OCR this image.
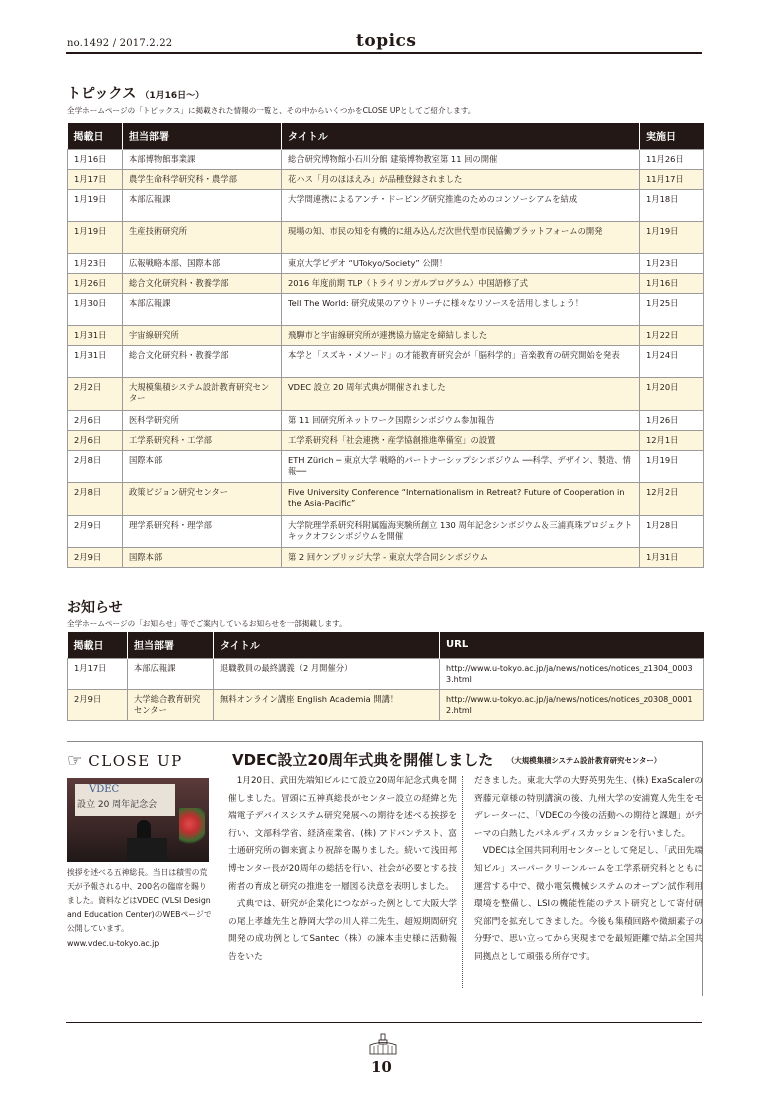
no.1492 / 2017.2.22	topics
トピックス （1月16日〜）
全学ホームページの「トピックス」に掲載された情報の一覧と、その中からいくつかをCLOSE UPとしてご紹介します。
掲載日	担当部署	タイトル	実施日
1月16日	本部博物館事業課	総合研究博物館小石川分館 建築博物教室第 11 回の開催	11月26日
1月17日	農学生命科学研究科・農学部	花ハス「月のほほえみ」が品種登録されました	11月17日
1月19日	本部広報課	大学間連携によるアンチ・ドーピング研究推進のためのコンソーシアムを結成	1月18日
1月19日	生産技術研究所	現場の知、市民の知を有機的に組み込んだ次世代型市民協働プラットフォームの開発	1月19日
1月23日	広報戦略本部、国際本部	東京大学ビデオ “UTokyo/Society” 公開！	1月23日
1月26日	総合文化研究科・教養学部	2016 年度前期 TLP（トライリンガルプログラム）中国語修了式	1月16日
1月30日	本部広報課	Tell The World: 研究成果のアウトリーチに様々なリソースを活用しましょう！	1月25日
1月31日	宇宙線研究所	飛騨市と宇宙線研究所が連携協力協定を締結しました	1月22日
1月31日	総合文化研究科・教養学部	本学と「スズキ・メソード」の才能教育研究会が「脳科学的」音楽教育の研究開始を発表	1月24日
2月2日	大規模集積システム設計教育研究センター	VDEC 設立 20 周年式典が開催されました	1月20日
2月6日	医科学研究所	第 11 回研究所ネットワーク国際シンポジウム参加報告	1月26日
2月6日	工学系研究科・工学部	工学系研究科「社会連携・産学協創推進準備室」の設置	12月1日
2月8日	国際本部	ETH Zürich ─ 東京大学 戦略的パートナーシップシンポジウム ──科学、デザイン、製造、情報──	1月19日
2月8日	政策ビジョン研究センター	Five University Conference “Internationalism in Retreat? Future of Cooperation in the Asia-Pacific”	12月2日
2月9日	理学系研究科・理学部	大学院理学系研究科附属臨海実験所創立 130 周年記念シンポジウム＆三浦真珠プロジェクトキックオフシンポジウムを開催	1月28日
2月9日	国際本部	第 2 回ケンブリッジ大学 - 東京大学合同シンポジウム	1月31日
お知らせ
全学ホームページの「お知らせ」等でご案内しているお知らせを一部掲載します。
掲載日	担当部署	タイトル	URL
1月17日	本部広報課	退職教員の最終講義（2 月開催分）	http://www.u-tokyo.ac.jp/ja/news/notices/notices_z1304_00033.html
2月9日	大学総合教育研究センター	無料オンライン講座 English Academia 開講！	http://www.u-tokyo.ac.jp/ja/news/notices/notices_z0308_00012.html
☞ CLOSE UP
VDEC
設立 20 周年記念会
挨拶を述べる五神総長。当日は積雪の荒天が予報される中、200名の臨席を賜りました。資料などはVDEC (VLSI Design and Education Center)のWEBページで公開しています。
www.vdec.u-tokyo.ac.jp
VDEC設立20周年式典を開催しました （大規模集積システム設計教育研究センター）

1月20日、武田先端知ビルにて設立20周年記念式典を開催しました。冒頭に五神真総長がセンター設立の経緯と先端電子デバイスシステム研究発展への期待を述べる挨拶を行い、文部科学省、経済産業省、(株) アドバンテスト、富士通研究所の御来賓より祝辞を賜りました。続いて浅田邦博センター長が20周年の総括を行い、社会が必要とする技術者の育成と研究の推進を一層図る決意を表明しました。

式典では、研究が企業化につながった例として大阪大学の尾上孝雄先生と静岡大学の川人祥二先生、超短期間研究開発の成功例としてSantec（株）の諫本圭史様に活動報告をいた

だきました。東北大学の大野英男先生、(株) ExaScalerの齊藤元章様の特別講演の後、九州大学の安浦寛人先生をモデレーターに、「VDECの今後の活動への期待と課題」がテーマの白熱したパネルディスカッションを行いました。

VDECは全国共同利用センターとして発足し、「武田先端知ビル」スーパークリーンルームを工学系研究科とともに運営する中で、微小電気機械システムのオープン試作利用環境を整備し、LSIの機能性能のテスト研究として寄付研究部門を拡充してきました。今後も集積回路や微細素子の分野で、思い立ってから実現までを最短距離で結ぶ全国共同拠点として頑張る所存です。

10
